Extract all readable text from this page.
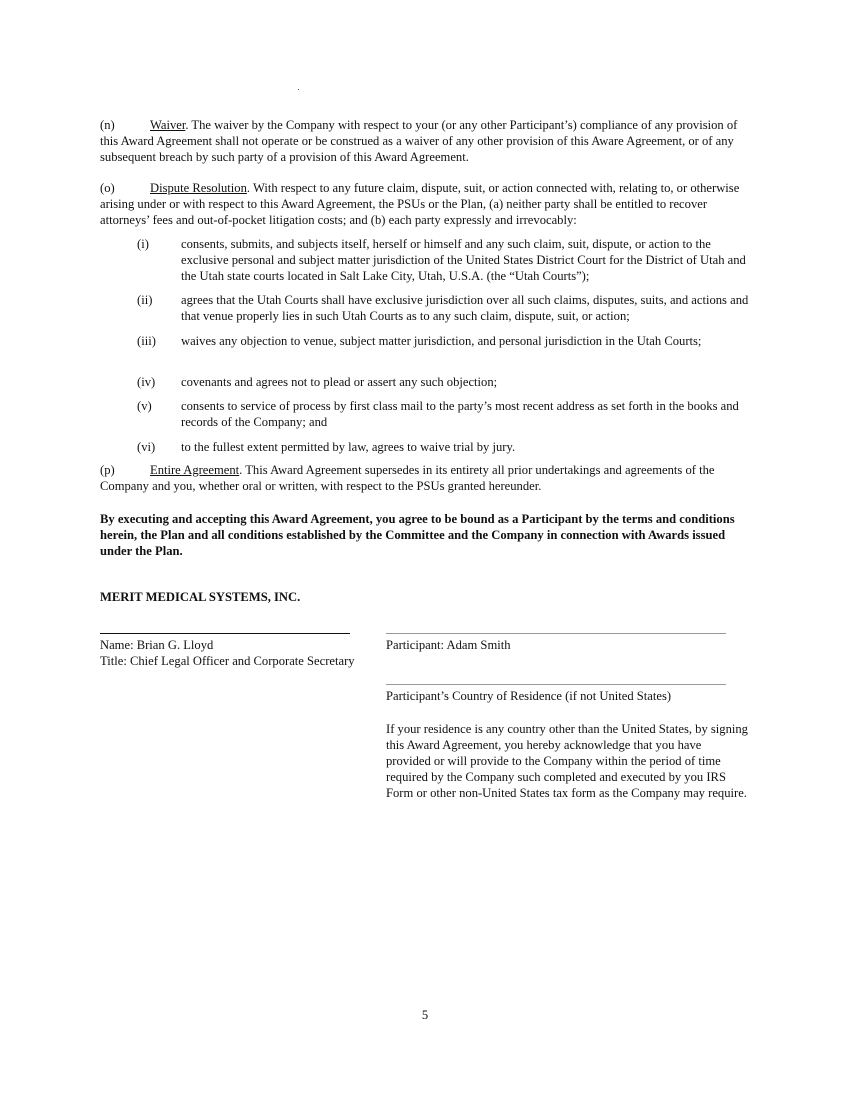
(n)	Waiver. The waiver by the Company with respect to your (or any other Participant’s) compliance of any provision of this Award Agreement shall not operate or be construed as a waiver of any other provision of this Aware Agreement, or of any subsequent breach by such party of a provision of this Award Agreement.
(o)	Dispute Resolution. With respect to any future claim, dispute, suit, or action connected with, relating to, or otherwise arising under or with respect to this Award Agreement, the PSUs or the Plan, (a) neither party shall be entitled to recover attorneys’ fees and out-of-pocket litigation costs; and (b) each party expressly and irrevocably:
(i)	consents, submits, and subjects itself, herself or himself and any such claim, suit, dispute, or action to the exclusive personal and subject matter jurisdiction of the United States District Court for the District of Utah and the Utah state courts located in Salt Lake City, Utah, U.S.A. (the “Utah Courts”);
(ii) agrees that the Utah Courts shall have exclusive jurisdiction over all such claims, disputes, suits, and actions and that venue properly lies in such Utah Courts as to any such claim, dispute, suit, or action;
(iii) waives any objection to venue, subject matter jurisdiction, and personal jurisdiction in the Utah Courts;
(iv) covenants and agrees not to plead or assert any such objection;
(v) consents to service of process by first class mail to the party’s most recent address as set forth in the books and records of the Company; and
(vi) to the fullest extent permitted by law, agrees to waive trial by jury.
(p)	Entire Agreement. This Award Agreement supersedes in its entirety all prior undertakings and agreements of the Company and you, whether oral or written, with respect to the PSUs granted hereunder.
By executing and accepting this Award Agreement, you agree to be bound as a Participant by the terms and conditions herein, the Plan and all conditions established by the Committee and the Company in connection with Awards issued under the Plan.
MERIT MEDICAL SYSTEMS, INC.
Name: Brian G. Lloyd
Title: Chief Legal Officer and Corporate Secretary
Participant: Adam Smith
Participant’s Country of Residence (if not United States)
If your residence is any country other than the United States, by signing this Award Agreement, you hereby acknowledge that you have provided or will provide to the Company within the period of time required by the Company such completed and executed by you IRS Form or other non-United States tax form as the Company may require.
5
